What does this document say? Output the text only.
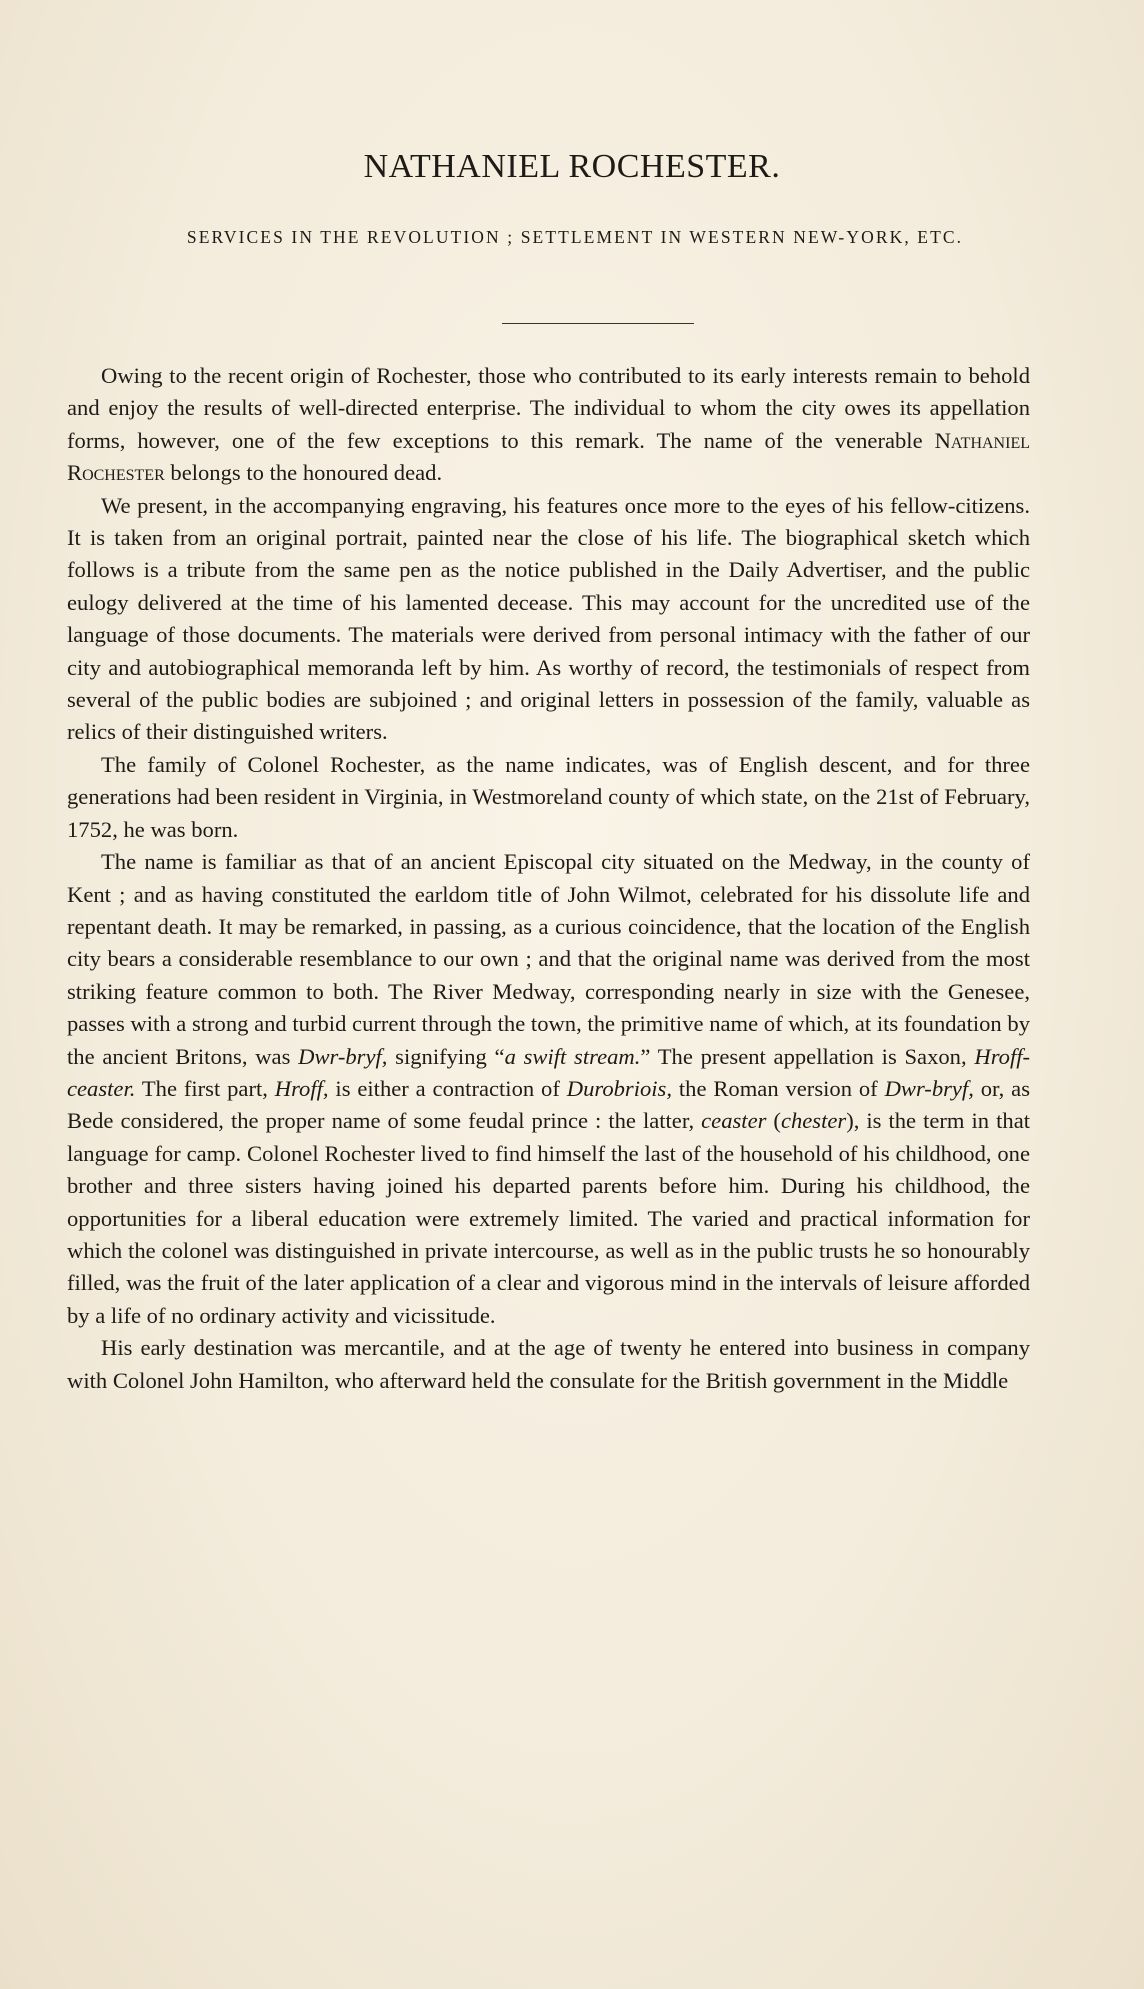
NATHANIEL ROCHESTER.
SERVICES IN THE REVOLUTION ; SETTLEMENT IN WESTERN NEW-YORK, ETC.

Owing to the recent origin of Rochester, those who contributed to its early interests remain to behold and enjoy the results of well-directed enterprise. The individual to whom the city owes its appellation forms, however, one of the few exceptions to this remark. The name of the venerable Nathaniel Rochester belongs to the honoured dead.

We present, in the accompanying engraving, his features once more to the eyes of his fellow-citizens. It is taken from an original portrait, painted near the close of his life. The biographical sketch which follows is a tribute from the same pen as the notice published in the Daily Advertiser, and the public eulogy delivered at the time of his lamented decease. This may account for the uncredited use of the language of those documents. The materials were derived from personal intimacy with the father of our city and autobiographical memoranda left by him. As worthy of record, the testimonials of respect from several of the public bodies are subjoined ; and original letters in possession of the family, valuable as relics of their distinguished writers.

The family of Colonel Rochester, as the name indicates, was of English descent, and for three generations had been resident in Virginia, in Westmoreland county of which state, on the 21st of February, 1752, he was born.

The name is familiar as that of an ancient Episcopal city situated on the Medway, in the county of Kent ; and as having constituted the earldom title of John Wilmot, celebrated for his dissolute life and repentant death. It may be remarked, in passing, as a curious coincidence, that the location of the English city bears a considerable resemblance to our own ; and that the original name was derived from the most striking feature common to both. The River Medway, corresponding nearly in size with the Genesee, passes with a strong and turbid current through the town, the primitive name of which, at its foundation by the ancient Britons, was Dwr-bryf, signifying “a swift stream.” The present appellation is Saxon, Hroff-ceaster. The first part, Hroff, is either a contraction of Durobriois, the Roman version of Dwr-bryf, or, as Bede considered, the proper name of some feudal prince : the latter, ceaster (chester), is the term in that language for camp. Colonel Rochester lived to find himself the last of the household of his childhood, one brother and three sisters having joined his departed parents before him. During his childhood, the opportunities for a liberal education were extremely limited. The varied and practical information for which the colonel was distinguished in private intercourse, as well as in the public trusts he so honourably filled, was the fruit of the later application of a clear and vigorous mind in the intervals of leisure afforded by a life of no ordinary activity and vicissitude.

His early destination was mercantile, and at the age of twenty he entered into business in company with Colonel John Hamilton, who afterward held the consulate for the British government in the Middle
